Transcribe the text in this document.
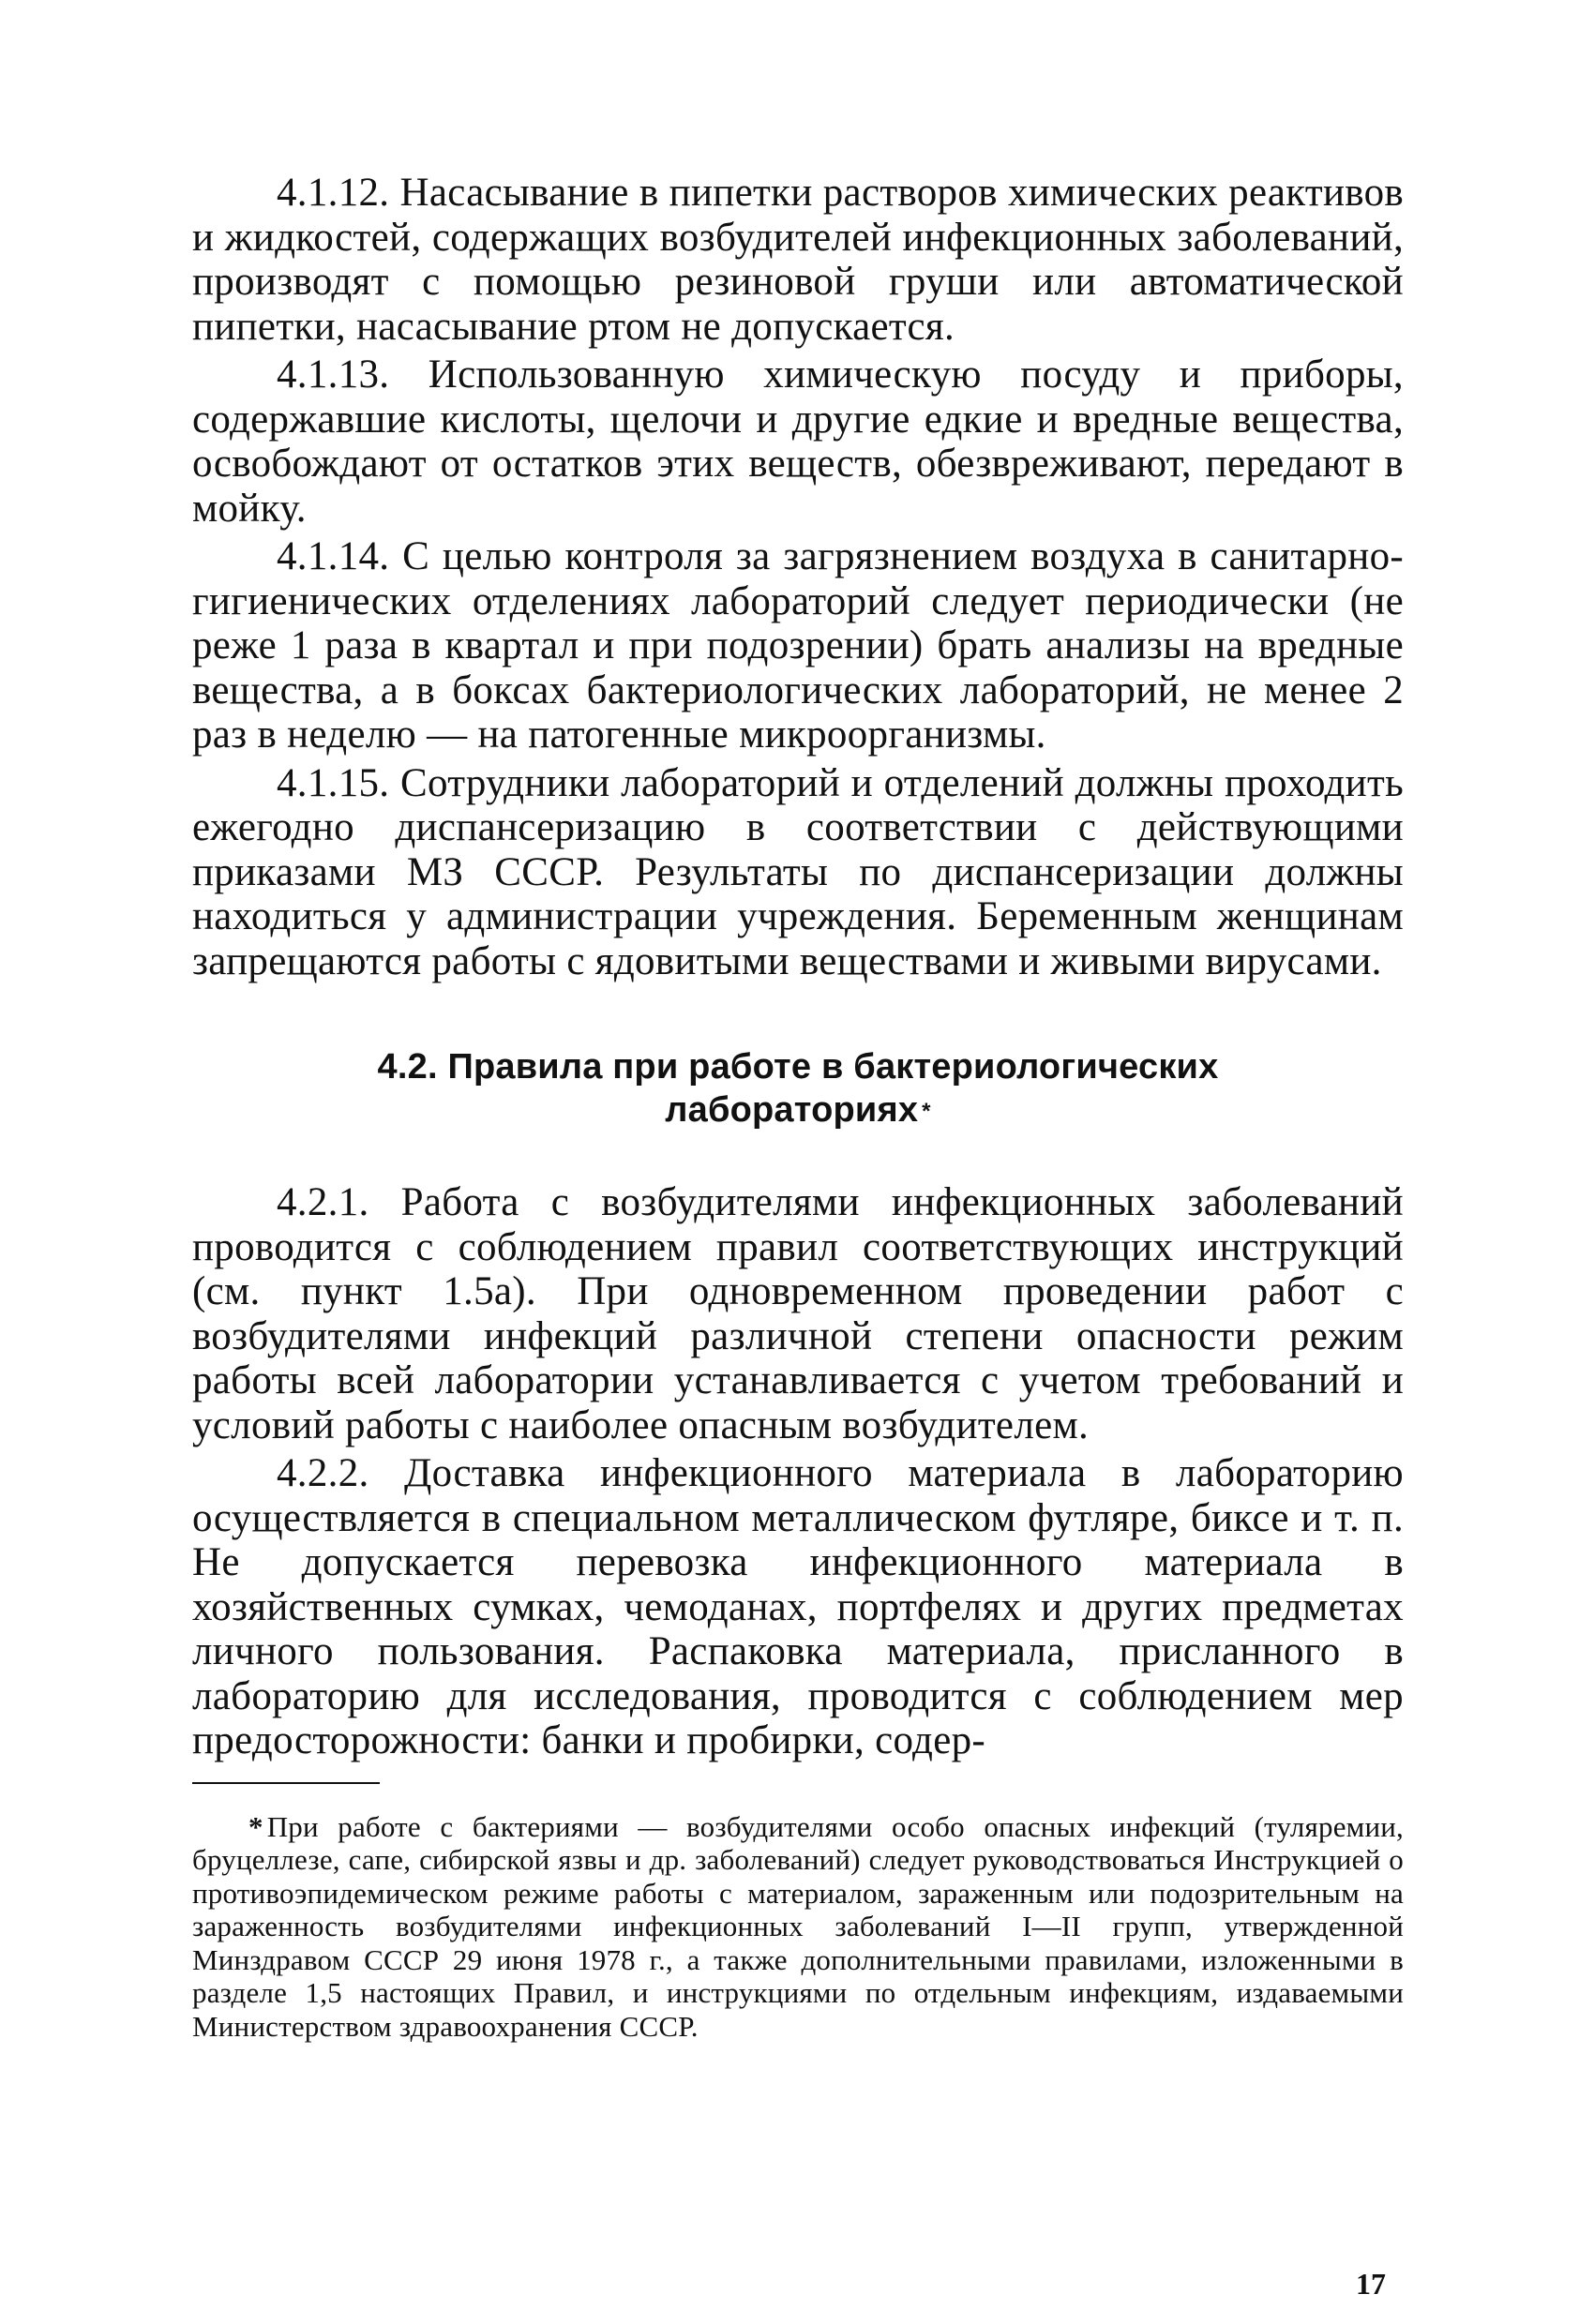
4.1.12. Насасывание в пипетки растворов химических реактивов и жидкостей, содержащих возбудителей инфекционных заболеваний, производят с помощью резиновой груши или автоматической пипетки, насасывание ртом не допускается.

4.1.13. Использованную химическую посуду и приборы, содержавшие кислоты, щелочи и другие едкие и вредные вещества, освобождают от остатков этих веществ, обезвреживают, передают в мойку.

4.1.14. С целью контроля за загрязнением воздуха в санитарно-гигиенических отделениях лабораторий следует периодически (не реже 1 раза в квартал и при подозрении) брать анализы на вредные вещества, а в боксах бактериологических лабораторий, не менее 2 раз в неделю — на патогенные микроорганизмы.

4.1.15. Сотрудники лабораторий и отделений должны проходить ежегодно диспансеризацию в соответствии с действующими приказами МЗ СССР. Результаты по диспансеризации должны находиться у администрации учреждения. Беременным женщинам запрещаются работы с ядовитыми веществами и живыми вирусами.

4.2. Правила при работе в бактериологических
лабораториях *

4.2.1. Работа с возбудителями инфекционных заболеваний проводится с соблюдением правил соответствующих инструкций (см. пункт 1.5а). При одновременном проведении работ с возбудителями инфекций различной степени опасности режим работы всей лаборатории устанавливается с учетом требований и условий работы с наиболее опасным возбудителем.

4.2.2. Доставка инфекционного материала в лабораторию осуществляется в специальном металлическом футляре, биксе и т. п. Не допускается перевозка инфекционного материала в хозяйственных сумках, чемоданах, портфелях и других предметах личного пользования. Распаковка материала, присланного в лабораторию для исследования, проводится с соблюдением мер предосторожности: банки и пробирки, содер-

* При работе с бактериями — возбудителями особо опасных инфекций (туляремии, бруцеллезе, сапе, сибирской язвы и др. заболеваний) следует руководствоваться Инструкцией о противоэпидемическом режиме работы с материалом, зараженным или подозрительным на зараженность возбудителями инфекционных заболеваний I—II групп, утвержденной Минздравом СССР 29 июня 1978 г., а также дополнительными правилами, изложенными в разделе 1,5 настоящих Правил, и инструкциями по отдельным инфекциям, издаваемыми Министерством здравоохранения СССР.

17
